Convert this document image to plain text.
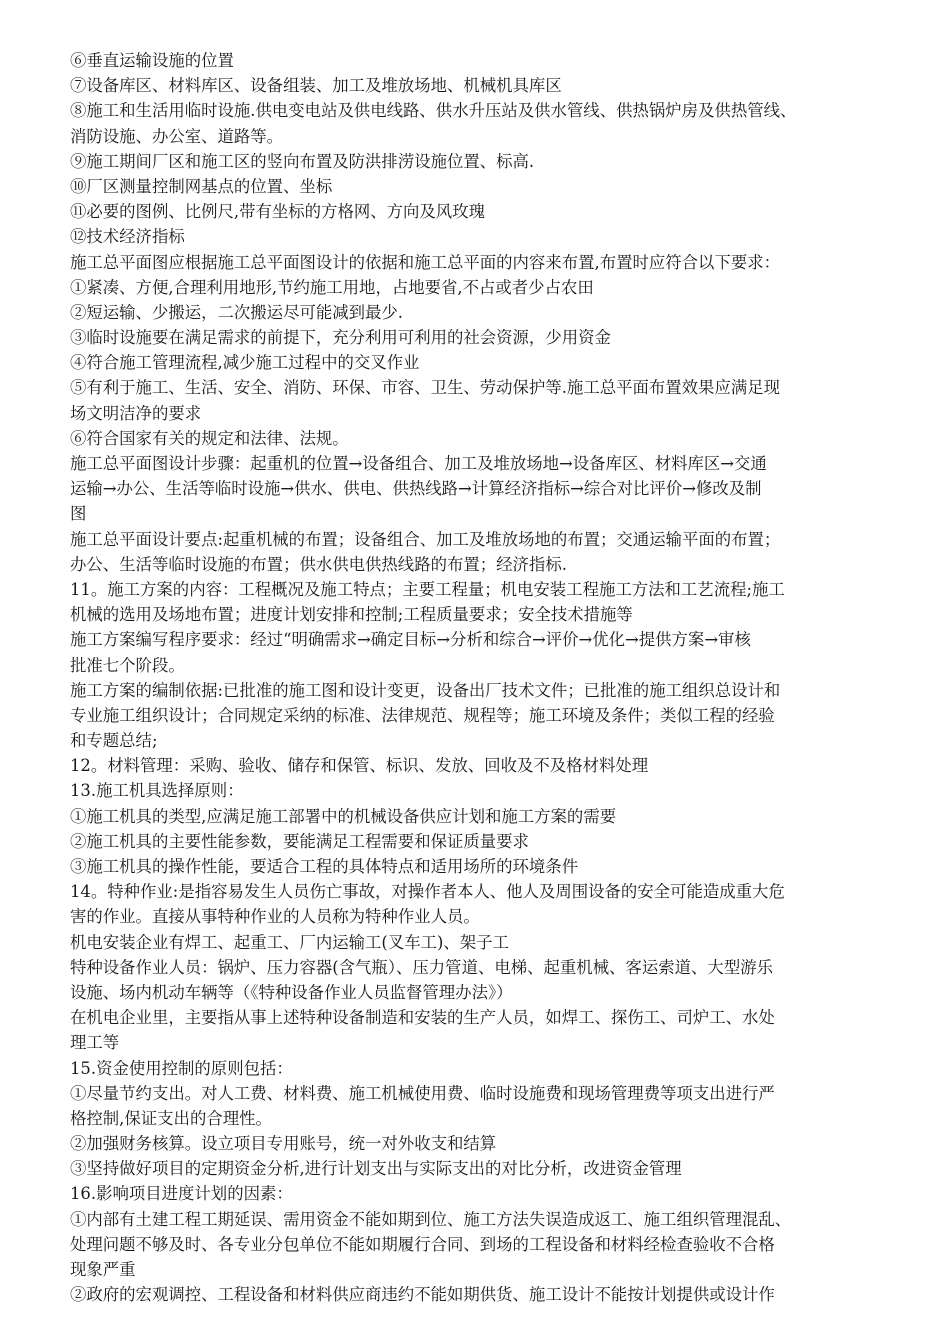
⑥垂直运输设施的位置
⑦设备库区、材料库区、设备组装、加工及堆放场地、机械机具库区
⑧施工和生活用临时设施.供电变电站及供电线路、供水升压站及供水管线、供热锅炉房及供热管线、
消防设施、办公室、道路等。
⑨施工期间厂区和施工区的竖向布置及防洪排涝设施位置、标高.
⑩厂区测量控制网基点的位置、坐标
⑪必要的图例、比例尺,带有坐标的方格网、方向及风玫瑰
⑫技术经济指标
施工总平面图应根据施工总平面图设计的依据和施工总平面的内容来布置,布置时应符合以下要求：
①紧凑、方便,合理利用地形,节约施工用地，占地要省,不占或者少占农田
②短运输、少搬运，二次搬运尽可能减到最少.
③临时设施要在满足需求的前提下，充分利用可利用的社会资源，少用资金
④符合施工管理流程,减少施工过程中的交叉作业
⑤有利于施工、生活、安全、消防、环保、市容、卫生、劳动保护等.施工总平面布置效果应满足现
场文明洁净的要求
⑥符合国家有关的规定和法律、法规。
施工总平面图设计步骤：起重机的位置→设备组合、加工及堆放场地→设备库区、材料库区→交通
运输→办公、生活等临时设施→供水、供电、供热线路→计算经济指标→综合对比评价→修改及制
图
施工总平面设计要点:起重机械的布置；设备组合、加工及堆放场地的布置；交通运输平面的布置；
办公、生活等临时设施的布置；供水供电供热线路的布置；经济指标.
11。施工方案的内容：工程概况及施工特点；主要工程量；机电安装工程施工方法和工艺流程;施工
机械的选用及场地布置；进度计划安排和控制;工程质量要求；安全技术措施等
施工方案编写程序要求：经过“明确需求→确定目标→分析和综合→评价→优化→提供方案→审核
批准七个阶段。
施工方案的编制依据:已批准的施工图和设计变更，设备出厂技术文件；已批准的施工组织总设计和
专业施工组织设计；合同规定采纳的标准、法律规范、规程等；施工环境及条件；类似工程的经验
和专题总结;
12。材料管理：采购、验收、储存和保管、标识、发放、回收及不及格材料处理
13.施工机具选择原则：
①施工机具的类型,应满足施工部署中的机械设备供应计划和施工方案的需要
②施工机具的主要性能参数，要能满足工程需要和保证质量要求
③施工机具的操作性能，要适合工程的具体特点和适用场所的环境条件
14。特种作业:是指容易发生人员伤亡事故，对操作者本人、他人及周围设备的安全可能造成重大危
害的作业。直接从事特种作业的人员称为特种作业人员。
机电安装企业有焊工、起重工、厂内运输工(叉车工)、架子工
特种设备作业人员：锅炉、压力容器(含气瓶）、压力管道、电梯、起重机械、客运索道、大型游乐
设施、场内机动车辆等（《特种设备作业人员监督管理办法》）
在机电企业里，主要指从事上述特种设备制造和安装的生产人员，如焊工、探伤工、司炉工、水处
理工等
15.资金使用控制的原则包括：
①尽量节约支出。对人工费、材料费、施工机械使用费、临时设施费和现场管理费等项支出进行严
格控制,保证支出的合理性。
②加强财务核算。设立项目专用账号，统一对外收支和结算
③坚持做好项目的定期资金分析,进行计划支出与实际支出的对比分析，改进资金管理
16.影响项目进度计划的因素：
①内部有土建工程工期延误、需用资金不能如期到位、施工方法失误造成返工、施工组织管理混乱、
处理问题不够及时、各专业分包单位不能如期履行合同、到场的工程设备和材料经检查验收不合格
现象严重
②政府的宏观调控、工程设备和材料供应商违约不能如期供货、施工设计不能按计划提供或设计作
